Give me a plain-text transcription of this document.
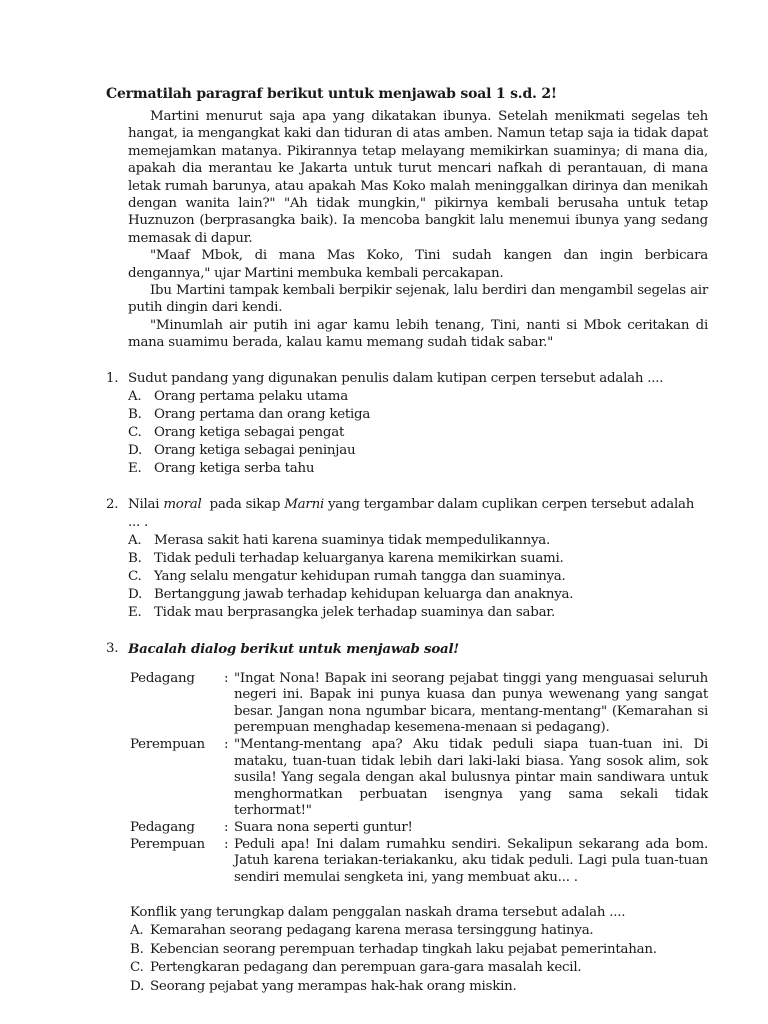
Cermatilah paragraf berikut untuk menjawab soal 1 s.d. 2!

Martini menurut saja apa yang dikatakan ibunya. Setelah menikmati segelas teh hangat, ia mengangkat kaki dan tiduran di atas amben. Namun tetap saja ia tidak dapat memejamkan matanya. Pikirannya tetap melayang memikirkan suaminya; di mana dia, apakah dia merantau ke Jakarta untuk turut mencari nafkah di perantauan, di mana letak rumah barunya, atau apakah Mas Koko malah meninggalkan dirinya dan menikah dengan wanita lain?" "Ah tidak mungkin," pikirnya kembali berusaha untuk tetap Huznuzon (berprasangka baik). Ia mencoba bangkit lalu menemui ibunya yang sedang memasak di dapur.

"Maaf Mbok, di mana Mas Koko, Tini sudah kangen dan ingin berbicara dengannya," ujar Martini membuka kembali percakapan.

Ibu Martini tampak kembali berpikir sejenak, lalu berdiri dan mengambil segelas air putih dingin dari kendi.

"Minumlah air putih ini agar kamu lebih tenang, Tini, nanti si Mbok ceritakan di mana suamimu berada, kalau kamu memang sudah tidak sabar."

1. Sudut pandang yang digunakan penulis dalam kutipan cerpen tersebut adalah ....
A. Orang pertama pelaku utama
B. Orang pertama dan orang ketiga
C. Orang ketiga sebagai pengat
D. Orang ketiga sebagai peninjau
E. Orang ketiga serba tahu
2. Nilai moral  pada sikap Marni yang tergambar dalam cuplikan cerpen tersebut adalah ... .
A. Merasa sakit hati karena suaminya tidak mempedulikannya.
B. Tidak peduli terhadap keluarganya karena memikirkan suami.
C. Yang selalu mengatur kehidupan rumah tangga dan suaminya.
D. Bertanggung jawab terhadap kehidupan keluarga dan anaknya.
E. Tidak mau berprasangka jelek terhadap suaminya dan sabar.
3. Bacalah dialog berikut untuk menjawab soal!
Pedagang	: "Ingat Nona! Bapak ini seorang pejabat tinggi yang menguasai seluruh negeri ini. Bapak ini punya kuasa dan punya wewenang yang sangat besar. Jangan nona ngumbar bicara, mentang-mentang" (Kemarahan si perempuan menghadap kesemena-menaan si pedagang).
Perempuan	: "Mentang-mentang apa? Aku tidak peduli siapa tuan-tuan ini. Di mataku, tuan-tuan tidak lebih dari laki-laki biasa. Yang sosok alim, sok susila! Yang segala dengan akal bulusnya pintar main sandiwara untuk menghormatkan perbuatan isengnya yang sama sekali tidak terhormat!"
Pedagang	: Suara nona seperti guntur!
Perempuan	: Peduli apa! Ini dalam rumahku sendiri. Sekalipun sekarang ada bom. Jatuh karena teriakan-teriakanku, aku tidak peduli. Lagi pula tuan-tuan sendiri memulai sengketa ini, yang membuat aku... .
Konflik yang terungkap dalam penggalan naskah drama tersebut adalah ....
A. Kemarahan seorang pedagang karena merasa tersinggung hatinya.
B. Kebencian seorang perempuan terhadap tingkah laku pejabat pemerintahan.
C. Pertengkaran pedagang dan perempuan gara-gara masalah kecil.
D. Seorang pejabat yang merampas hak-hak orang miskin.
